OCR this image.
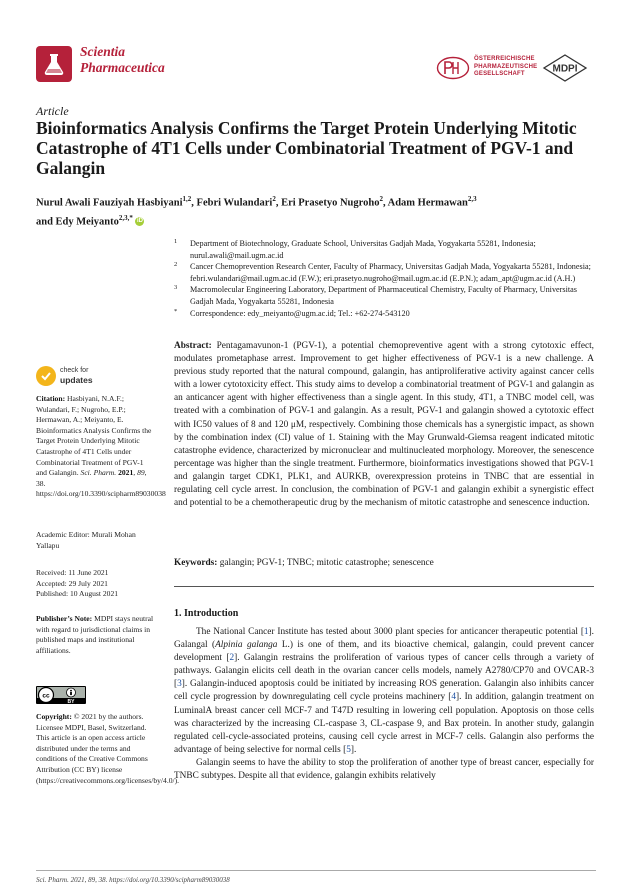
Scientia
Pharmaceutica
ÖSTERREICHISCHE
PHARMAZEUTISCHE
GESELLSCHAFT	MDPI
Article
Bioinformatics Analysis Confirms the Target Protein Underlying Mitotic Catastrophe of 4T1 Cells under Combinatorial Treatment of PGV-1 and Galangin
Nurul Awali Fauziyah Hasbiyani$^{1,2}$, Febri Wulandari$^2$, Eri Prasetyo Nugroho$^2$, Adam Hermawan$^{2,3}$
and Edy Meiyanto$^{2,3,*}$ iD
1 Department of Biotechnology, Graduate School, Universitas Gadjah Mada, Yogyakarta 55281, Indonesia; nurul.awali@mail.ugm.ac.id
2 Cancer Chemoprevention Research Center, Faculty of Pharmacy, Universitas Gadjah Mada, Yogyakarta 55281, Indonesia; febri.wulandari@mail.ugm.ac.id (F.W.); eri.prasetyo.nugroho@mail.ugm.ac.id (E.P.N.); adam_apt@ugm.ac.id (A.H.)
3 Macromolecular Engineering Laboratory, Department of Pharmaceutical Chemistry, Faculty of Pharmacy, Universitas Gadjah Mada, Yogyakarta 55281, Indonesia
* Correspondence: edy_meiyanto@ugm.ac.id; Tel.: +62-274-543120
check for
updates
Citation: Hasbiyani, N.A.F.; Wulandari, F.; Nugroho, E.P.; Hermawan, A.; Meiyanto, E. Bioinformatics Analysis Confirms the Target Protein Underlying Mitotic Catastrophe of 4T1 Cells under Combinatorial Treatment of PGV-1 and Galangin. Sci. Pharm. 2021, 89, 38. https://doi.org/10.3390/scipharm89030038
Academic Editor: Murali Mohan Yallapu
Received: 11 June 2021
Accepted: 29 July 2021
Published: 10 August 2021
Publisher’s Note: MDPI stays neutral with regard to jurisdictional claims in published maps and institutional affiliations.
cc
BY
Copyright: © 2021 by the authors. Licensee MDPI, Basel, Switzerland. This article is an open access article distributed under the terms and conditions of the Creative Commons Attribution (CC BY) license (https://creativecommons.org/licenses/by/4.0/).
Abstract: Pentagamavunon-1 (PGV-1), a potential chemopreventive agent with a strong cytotoxic effect, modulates prometaphase arrest. Improvement to get higher effectiveness of PGV-1 is a new challenge. A previous study reported that the natural compound, galangin, has antiproliferative activity against cancer cells with a lower cytotoxicity effect. This study aims to develop a combinatorial treatment of PGV-1 and galangin as an anticancer agent with higher effectiveness than a single agent. In this study, 4T1, a TNBC model cell, was treated with a combination of PGV-1 and galangin. As a result, PGV-1 and galangin showed a cytotoxic effect with IC50 values of 8 and 120 μM, respectively. Combining those chemicals has a synergistic impact, as shown by the combination index (CI) value of 1. Staining with the May Grunwald-Giemsa reagent indicated mitotic catastrophe evidence, characterized by micronuclear and multinucleated morphology. Moreover, the senescence percentage was higher than the single treatment. Furthermore, bioinformatics investigations showed that PGV-1 and galangin target CDK1, PLK1, and AURKB, overexpression proteins in TNBC that are essential in regulating cell cycle arrest. In conclusion, the combination of PGV-1 and galangin exhibit a synergistic effect and potential to be a chemotherapeutic drug by the mechanism of mitotic catastrophe and senescence induction.
Keywords: galangin; PGV-1; TNBC; mitotic catastrophe; senescence
1. Introduction
The National Cancer Institute has tested about 3000 plant species for anticancer therapeutic potential [1]. Galangal (Alpinia galanga L.) is one of them, and its bioactive chemical, galangin, could prevent cancer development [2]. Galangin restrains the proliferation of various types of cancer cells through a variety of pathways. Galangin elicits cell death in the ovarian cancer cells models, namely A2780/CP70 and OVCAR-3 [3]. Galangin-induced apoptosis could be initiated by increasing ROS generation. Galangin also inhibits cancer cell cycle progression by downregulating cell cycle proteins machinery [4]. In addition, galangin treatment on LuminalA breast cancer cell MCF-7 and T47D resulting in lowering cell population. Apoptosis on those cells was characterized by the increasing CL-caspase 3, CL-caspase 9, and Bax protein. In another study, galangin regulated cell-cycle-associated proteins, causing cell cycle arrest in MCF-7 cells. Galangin also performs the advantage of being selective for normal cells [5].
Galangin seems to have the ability to stop the proliferation of another type of breast cancer, especially for TNBC subtypes. Despite all that evidence, galangin exhibits relatively
Sci. Pharm. 2021, 89, 38. https://doi.org/10.3390/scipharm89030038
